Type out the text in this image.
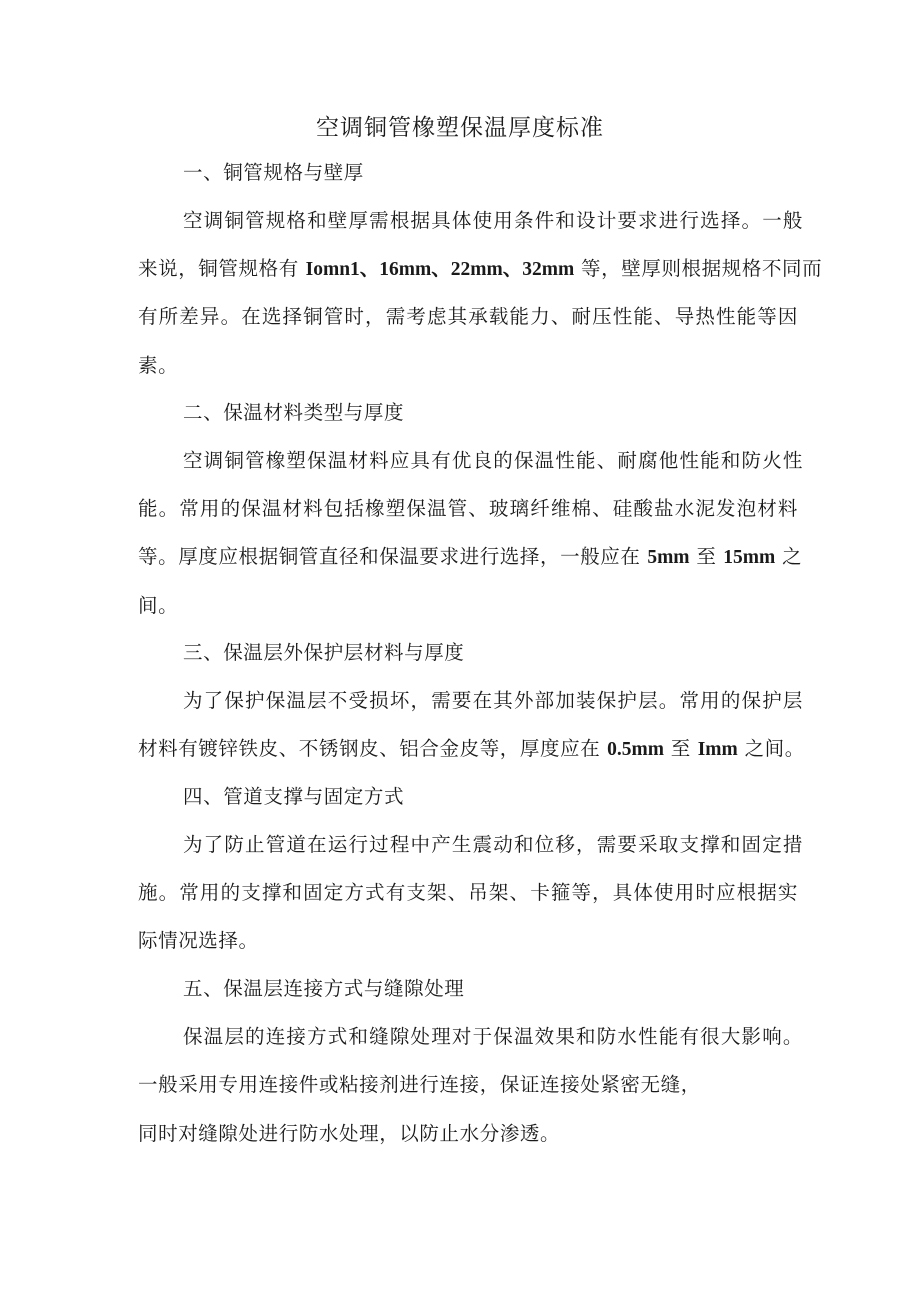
空调铜管橡塑保温厚度标准
一、铜管规格与壁厚
空调铜管规格和壁厚需根据具体使用条件和设计要求进行选择。一般
来说，铜管规格有 Iomn1、16mm、22mm、32mm 等，壁厚则根据规格不同而
有所差异。在选择铜管时，需考虑其承载能力、耐压性能、导热性能等因
素。
二、保温材料类型与厚度
空调铜管橡塑保温材料应具有优良的保温性能、耐腐他性能和防火性
能。常用的保温材料包括橡塑保温管、玻璃纤维棉、硅酸盐水泥发泡材料
等。厚度应根据铜管直径和保温要求进行选择，一般应在 5mm 至 15mm 之
间。
三、保温层外保护层材料与厚度
为了保护保温层不受损坏，需要在其外部加装保护层。常用的保护层
材料有镀锌铁皮、不锈钢皮、铝合金皮等，厚度应在 0.5mm 至 Imm 之间。
四、管道支撑与固定方式
为了防止管道在运行过程中产生震动和位移，需要采取支撑和固定措
施。常用的支撑和固定方式有支架、吊架、卡箍等，具体使用时应根据实
际情况选择。
五、保温层连接方式与缝隙处理
保温层的连接方式和缝隙处理对于保温效果和防水性能有很大影响。
一般采用专用连接件或粘接剂进行连接，保证连接处紧密无缝，
同时对缝隙处进行防水处理，以防止水分渗透。
